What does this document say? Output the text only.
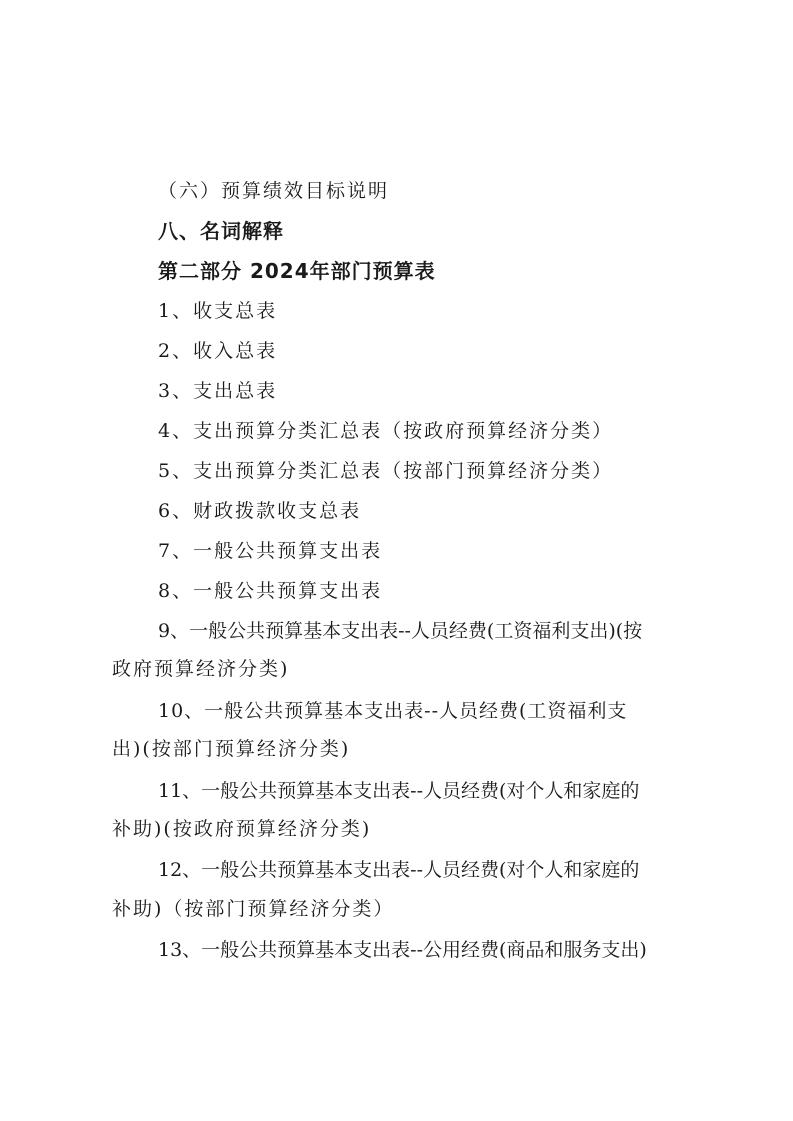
（六）预算绩效目标说明
八、名词解释
第二部分 2024年部门预算表
1、收支总表
2、收入总表
3、支出总表
4、支出预算分类汇总表（按政府预算经济分类）
5、支出预算分类汇总表（按部门预算经济分类）
6、财政拨款收支总表
7、一般公共预算支出表
8、一般公共预算支出表
9、一般公共预算基本支出表--人员经费(工资福利支出)(按
政府预算经济分类)
10、一般公共预算基本支出表--人员经费(工资福利支
出)(按部门预算经济分类)
11、一般公共预算基本支出表--人员经费(对个人和家庭的
补助)(按政府预算经济分类)
12、一般公共预算基本支出表--人员经费(对个人和家庭的
补助)（按部门预算经济分类）
13、一般公共预算基本支出表--公用经费(商品和服务支出)
